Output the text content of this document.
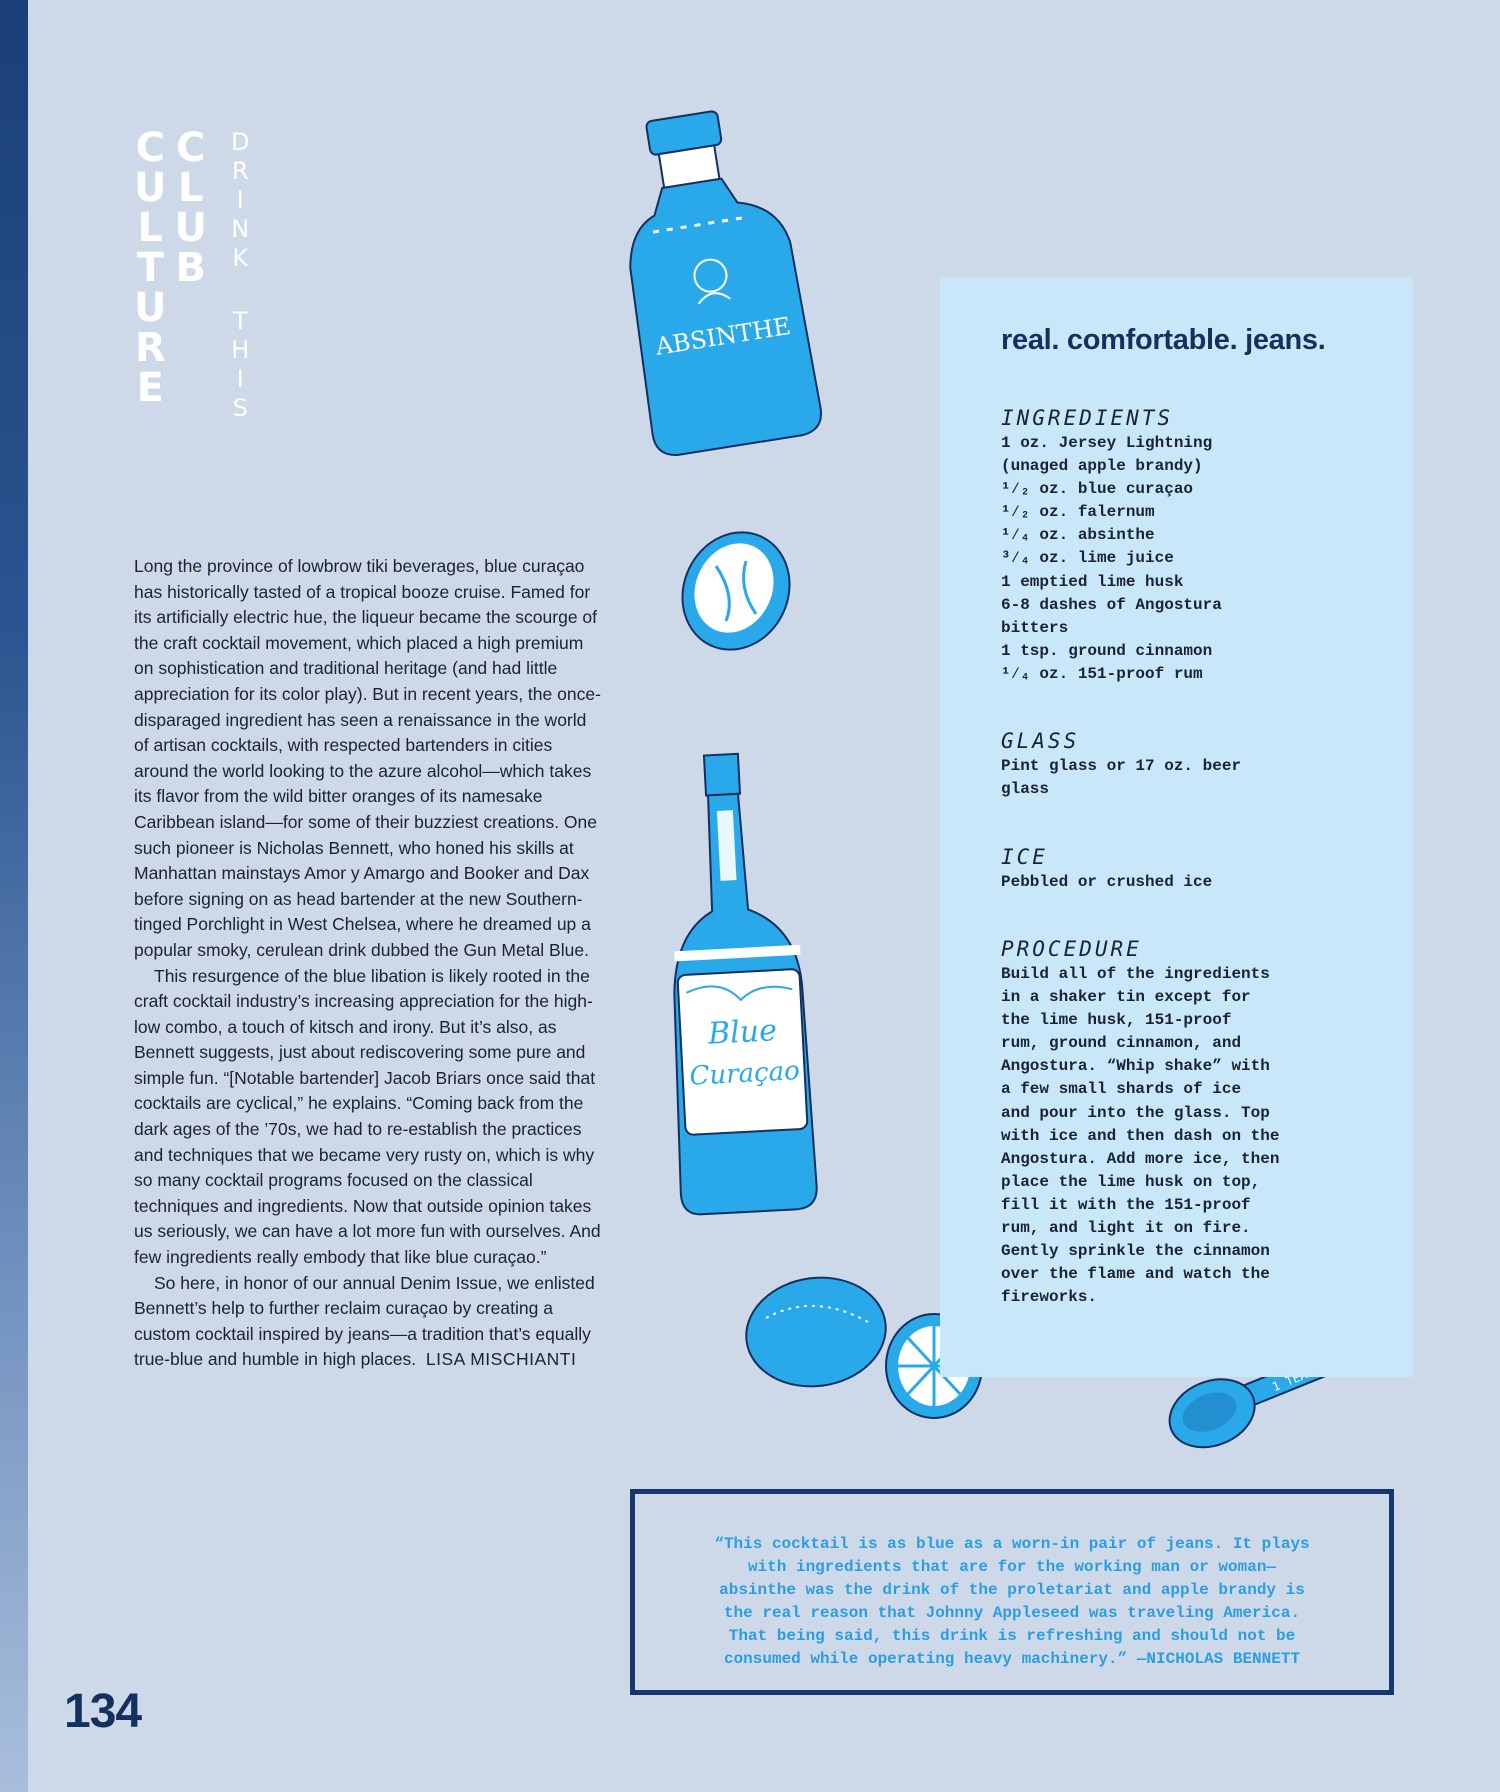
C
U
L
T
U
R
E
C
L
U
B
D
R
I
N
K
T
H
I
S
ABSINTHE
Blue
Curaçao

Long the province of lowbrow tiki beverages, blue curaçao has historically tasted of a tropical booze cruise. Famed for its artificially electric hue, the liqueur became the scourge of the craft cocktail movement, which placed a high premium on sophistication and traditional heritage (and had little appreciation for its color play). But in recent years, the once-disparaged ingredient has seen a renaissance in the world of artisan cocktails, with respected bartenders in cities around the world looking to the azure alcohol—which takes its flavor from the wild bitter oranges of its namesake Caribbean island—for some of their buzziest creations. One such pioneer is Nicholas Bennett, who honed his skills at Manhattan mainstays Amor y Amargo and Booker and Dax before signing on as head bartender at the new Southern-tinged Porchlight in West Chelsea, where he dreamed up a popular smoky, cerulean drink dubbed the Gun Metal Blue.

This resurgence of the blue libation is likely rooted in the craft cocktail industry’s increasing appreciation for the high-low combo, a touch of kitsch and irony. But it’s also, as Bennett suggests, just about rediscovering some pure and simple fun. “[Notable bartender] Jacob Briars once said that cocktails are cyclical,” he explains. “Coming back from the dark ages of the ’70s, we had to re-establish the practices and techniques that we became very rusty on, which is why so many cocktail programs focused on the classical techniques and ingredients. Now that outside opinion takes us seriously, we can have a lot more fun with ourselves. And few ingredients really embody that like blue curaçao.”

So here, in honor of our annual Denim Issue, we enlisted Bennett’s help to further reclaim curaçao by creating a custom cocktail inspired by jeans—a tradition that’s equally true-blue and humble in high places. LISA MISCHIANTI

real. comfortable. jeans.
INGREDIENTS
1 oz. Jersey Lightning
(unaged apple brandy)
¹⁄₂ oz. blue curaçao
¹⁄₂ oz. falernum
¹⁄₄ oz. absinthe
³⁄₄ oz. lime juice
1 emptied lime husk
6-8 dashes of Angostura
bitters
1 tsp. ground cinnamon
¹⁄₄ oz. 151-proof rum
GLASS
Pint glass or 17 oz. beer
glass
ICE
Pebbled or crushed ice
PROCEDURE
Build all of the ingredients
in a shaker tin except for
the lime husk, 151-proof
rum, ground cinnamon, and
Angostura. “Whip shake” with
a few small shards of ice
and pour into the glass. Top
with ice and then dash on the
Angostura. Add more ice, then
place the lime husk on top,
fill it with the 151-proof
rum, and light it on fire.
Gently sprinkle the cinnamon
over the flame and watch the
fireworks.
“This cocktail is as blue as a worn-in pair of jeans. It plays
with ingredients that are for the working man or woman—
absinthe was the drink of the proletariat and apple brandy is
the real reason that Johnny Appleseed was traveling America.
That being said, this drink is refreshing and should not be
consumed while operating heavy machinery.” —NICHOLAS BENNETT
134
